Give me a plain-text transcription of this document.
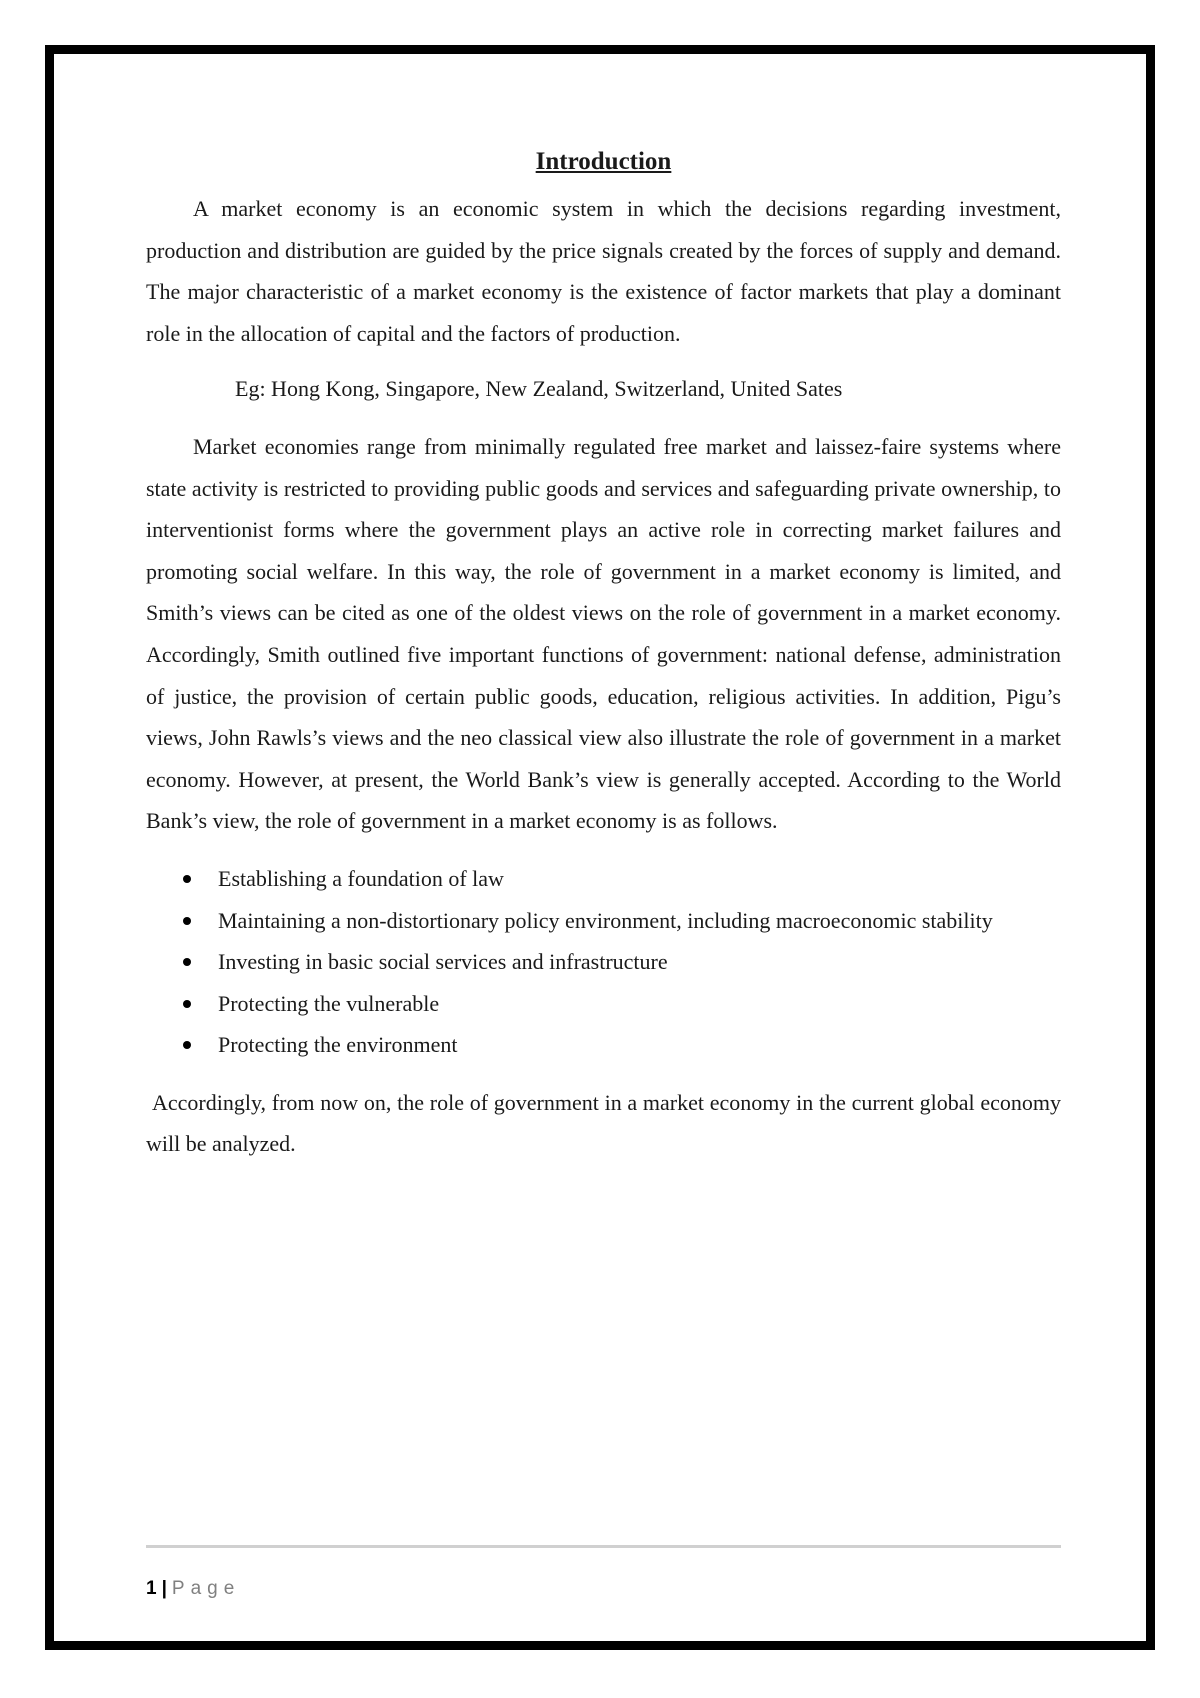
Introduction

A market economy is an economic system in which the decisions regarding investment, production and distribution are guided by the price signals created by the forces of supply and demand. The major characteristic of a market economy is the existence of factor markets that play a dominant role in the allocation of capital and the factors of production.

Eg: Hong Kong, Singapore, New Zealand, Switzerland, United Sates

Market economies range from minimally regulated free market and laissez-faire systems where state activity is restricted to providing public goods and services and safeguarding private ownership, to interventionist forms where the government plays an active role in correcting market failures and promoting social welfare. In this way, the role of government in a market economy is limited, and Smith’s views can be cited as one of the oldest views on the role of government in a market economy. Accordingly, Smith outlined five important functions of government: national defense, administration of justice, the provision of certain public goods, education, religious activities. In addition, Pigu’s views, John Rawls’s views and the neo classical view also illustrate the role of government in a market economy. However, at present, the World Bank’s view is generally accepted. According to the World Bank’s view, the role of government in a market economy is as follows.

Establishing a foundation of law
Maintaining a non-distortionary policy environment, including macroeconomic stability
Investing in basic social services and infrastructure
Protecting the vulnerable
Protecting the environment

Accordingly, from now on, the role of government in a market economy in the current global economy will be analyzed.

1 | Page
